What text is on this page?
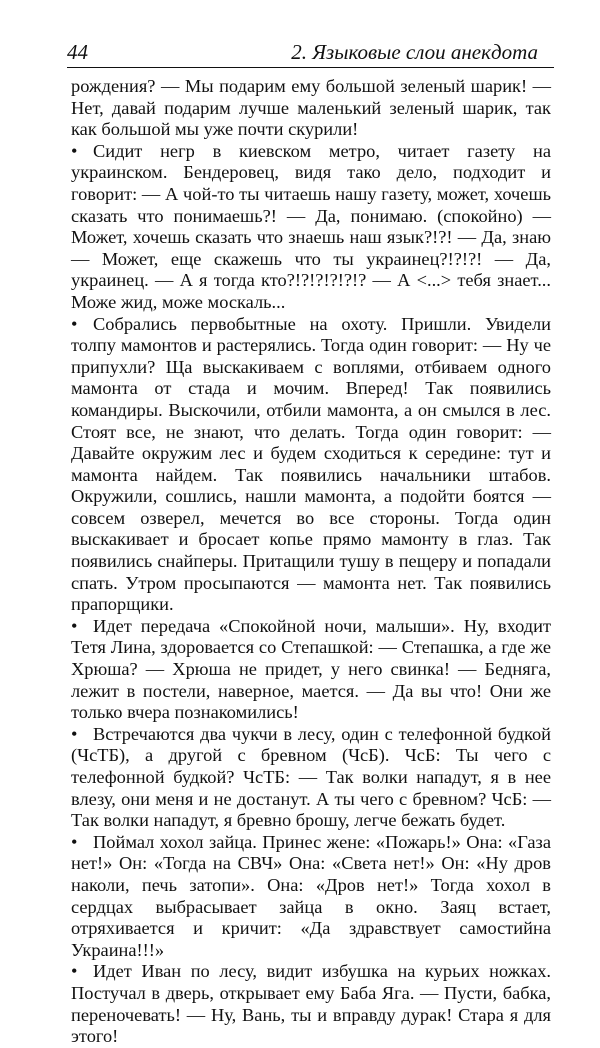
44	2. Языковые слои анекдота

рождения? — Мы подарим ему большой зеленый шарик! — Нет, давай подарим лучше маленький зеленый шарик, так как большой мы уже почти скурили!

• Сидит негр в киевском метро, читает газету на украинском. Бендеровец, видя тако дело, подходит и говорит: — А чой-то ты читаешь нашу газету, может, хочешь сказать что понимаешь?! — Да, понимаю. (спокойно) — Может, хочешь сказать что знаешь наш язык?!?! — Да, знаю — Может, еще скажешь что ты украинец?!?!?! — Да, украинец. — А я тогда кто?!?!?!?!?!? — А <...> тебя знает... Може жид, може москаль...

• Собрались первобытные на охоту. Пришли. Увидели толпу мамонтов и растерялись. Тогда один говорит: — Ну че припухли? Ща выскакиваем с воплями, отбиваем одного мамонта от стада и мочим. Вперед! Так появились командиры. Выскочили, отбили мамонта, а он смылся в лес. Стоят все, не знают, что делать. Тогда один говорит: — Давайте окружим лес и будем сходиться к середине: тут и мамонта найдем. Так появились начальники штабов. Окружили, сошлись, нашли мамонта, а подойти боятся — совсем озверел, мечется во все стороны. Тогда один выскакивает и бросает копье прямо мамонту в глаз. Так появились снайперы. Притащили тушу в пещеру и попадали спать. Утром просыпаются — мамонта нет. Так появились прапорщики.

• Идет передача «Спокойной ночи, малыши». Ну, входит Тетя Лина, здоровается со Степашкой: — Степашка, а где же Хрюша? — Хрюша не придет, у него свинка! — Бедняга, лежит в постели, наверное, мается. — Да вы что! Они же только вчера познакомились!

• Встречаются два чукчи в лесу, один с телефонной будкой (ЧсТБ), а другой с бревном (ЧсБ). ЧсБ: Ты чего с телефонной будкой? ЧсТБ: — Так волки нападут, я в нее влезу, они меня и не достанут. А ты чего с бревном? ЧсБ: — Так волки нападут, я бревно брошу, легче бежать будет.

• Поймал хохол зайца. Принес жене: «Пожарь!» Она: «Газа нет!» Он: «Тогда на СВЧ» Она: «Света нет!» Он: «Ну дров наколи, печь затопи». Она: «Дров нет!» Тогда хохол в сердцах выбрасывает зайца в окно. Заяц встает, отряхивается и кричит: «Да здравствует самостийна Украина!!!»

• Идет Иван по лесу, видит избушка на курьих ножках. Постучал в дверь, открывает ему Баба Яга. — Пусти, бабка, переночевать! — Ну, Вань, ты и вправду дурак! Стара я для этого!
